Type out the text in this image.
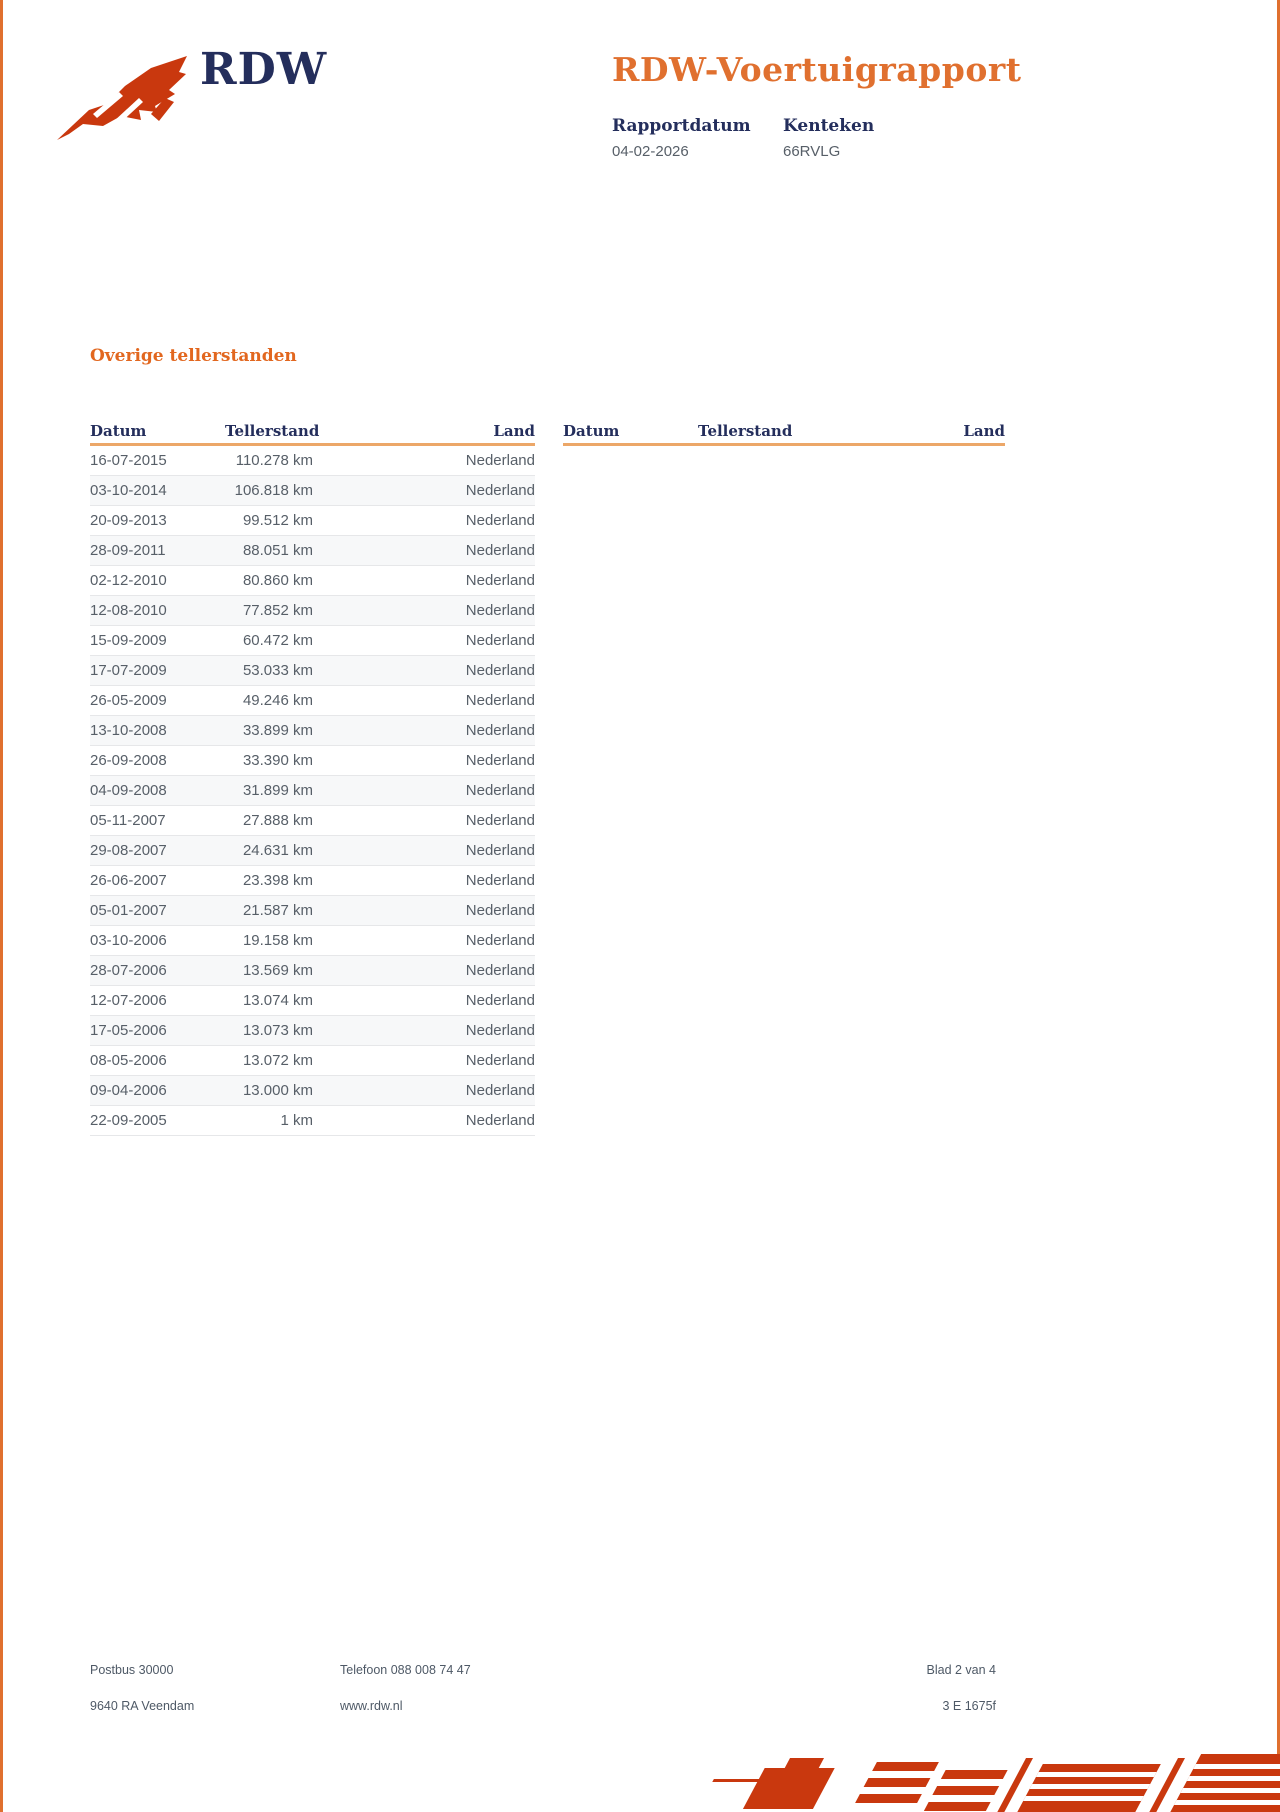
RDW	RDW-Voertuigrapport
Rapportdatum
04-02-2026
Kenteken
66RVLG
Overige tellerstanden
Datum	Tellerstand	Land
16-07-2015	110.278 km	Nederland
03-10-2014	106.818 km	Nederland
20-09-2013	99.512 km	Nederland
28-09-2011	88.051 km	Nederland
02-12-2010	80.860 km	Nederland
12-08-2010	77.852 km	Nederland
15-09-2009	60.472 km	Nederland
17-07-2009	53.033 km	Nederland
26-05-2009	49.246 km	Nederland
13-10-2008	33.899 km	Nederland
26-09-2008	33.390 km	Nederland
04-09-2008	31.899 km	Nederland
05-11-2007	27.888 km	Nederland
29-08-2007	24.631 km	Nederland
26-06-2007	23.398 km	Nederland
05-01-2007	21.587 km	Nederland
03-10-2006	19.158 km	Nederland
28-07-2006	13.569 km	Nederland
12-07-2006	13.074 km	Nederland
17-05-2006	13.073 km	Nederland
08-05-2006	13.072 km	Nederland
09-04-2006	13.000 km	Nederland
22-09-2005	1 km	Nederland
Datum	Tellerstand	Land
Postbus 30000
9640 RA Veendam
Telefoon 088 008 74 47
www.rdw.nl
Blad 2 van 4
3 E 1675f
